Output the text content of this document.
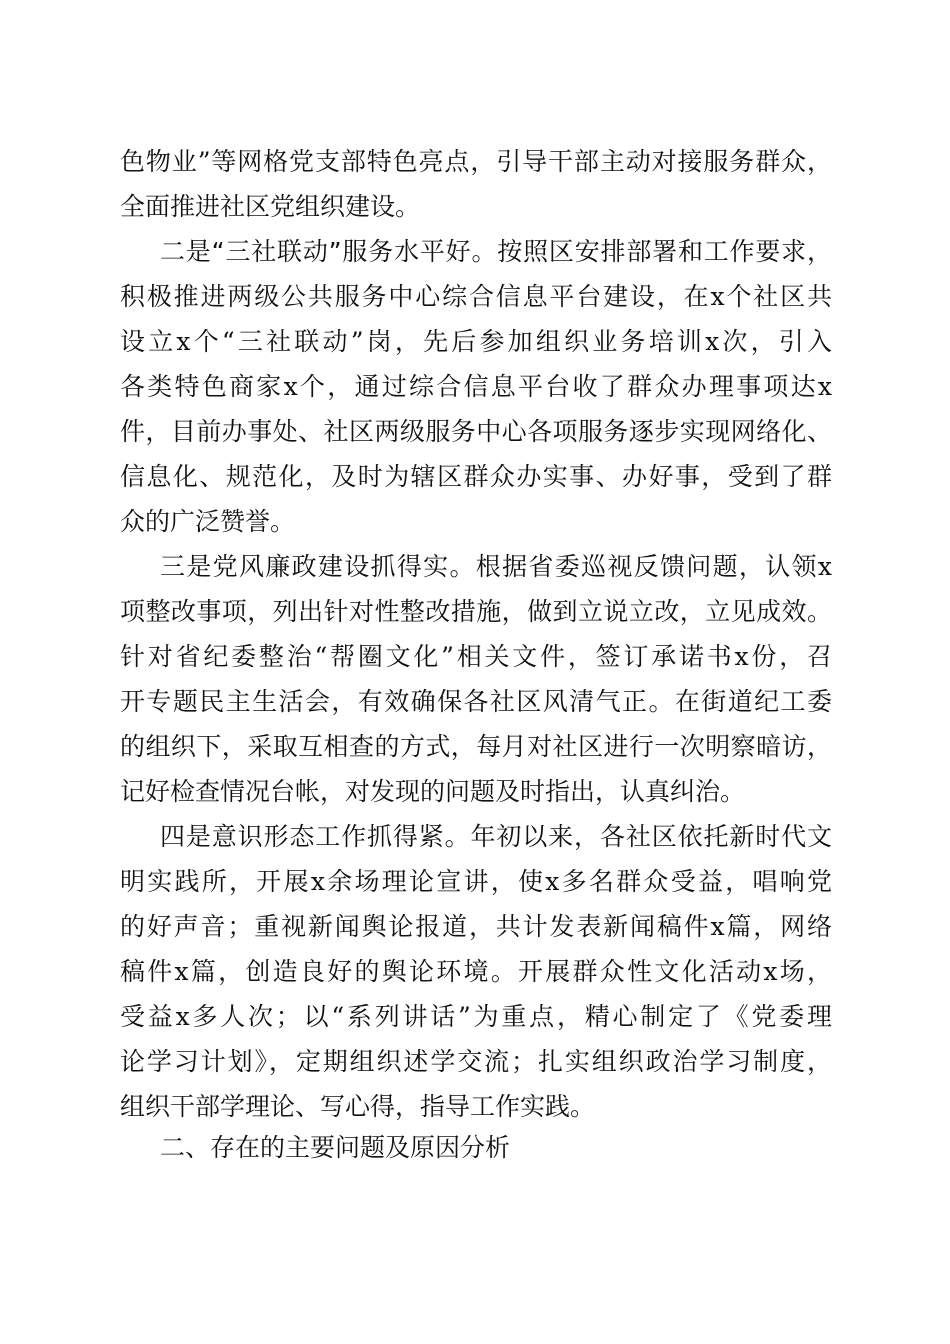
色物业”等网格党支部特色亮点，引导干部主动对接服务群众，
全面推进社区党组织建设。
二是“三社联动”服务水平好。按照区安排部署和工作要求，
积极推进两级公共服务中心综合信息平台建设，在x个社区共
设立x个“三社联动”岗，先后参加组织业务培训x次，引入
各类特色商家x个，通过综合信息平台收了群众办理事项达x
件，目前办事处、社区两级服务中心各项服务逐步实现网络化、
信息化、规范化，及时为辖区群众办实事、办好事，受到了群
众的广泛赞誉。
三是党风廉政建设抓得实。根据省委巡视反馈问题，认领x
项整改事项，列出针对性整改措施，做到立说立改，立见成效。
针对省纪委整治“帮圈文化”相关文件，签订承诺书x份，召
开专题民主生活会，有效确保各社区风清气正。在街道纪工委
的组织下，采取互相查的方式，每月对社区进行一次明察暗访，
记好检查情况台帐，对发现的问题及时指出，认真纠治。
四是意识形态工作抓得紧。年初以来，各社区依托新时代文
明实践所，开展x余场理论宣讲，使x多名群众受益，唱响党
的好声音；重视新闻舆论报道，共计发表新闻稿件x篇，网络
稿件x篇，创造良好的舆论环境。开展群众性文化活动x场，
受益x多人次；以“系列讲话”为重点，精心制定了《党委理
论学习计划》，定期组织述学交流；扎实组织政治学习制度，
组织干部学理论、写心得，指导工作实践。
二、存在的主要问题及原因分析
